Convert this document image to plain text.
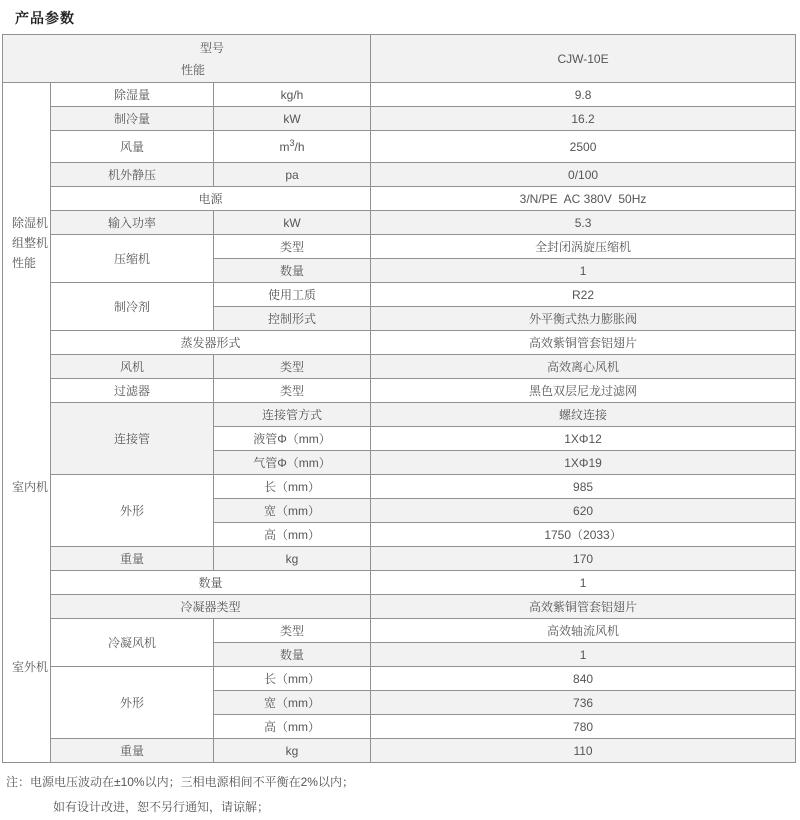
产品参数
型号
性能			CJW-10E

除湿机
组整机
性能	除湿量	kg/h	9.8
	制冷量	kW	16.2
	风量	$m^3/h$	2500
	机外静压	pa	0/100
	电源		3/N/PE  AC 380V  50Hz
	输入功率	kW	5.3
	压缩机	类型	全封闭涡旋压缩机
		数量	1
	制冷剂	使用工质	R22
		控制形式	外平衡式热力膨胀阀
	蒸发器形式		高效紫铜管套铝翅片
	风机	类型	高效离心风机
	过滤器	类型	黑色双层尼龙过滤网
室内机	连接管	连接管方式	螺纹连接
		液管Φ（mm）	1XΦ12
		气管Φ（mm）	1XΦ19
	外形	长（mm）	985
		宽（mm）	620
		高（mm）	1750（2033）
	重量	kg	170
室外机	数量		1
	冷凝器类型		高效紫铜管套铝翅片
	冷凝风机	类型	高效轴流风机
		数量	1
	外形	长（mm）	840
		宽（mm）	736
		高（mm）	780
	重量	kg	110
注：电源电压波动在±10%以内；三相电源相间不平衡在2%以内；
如有设计改进，恕不另行通知，请谅解；
